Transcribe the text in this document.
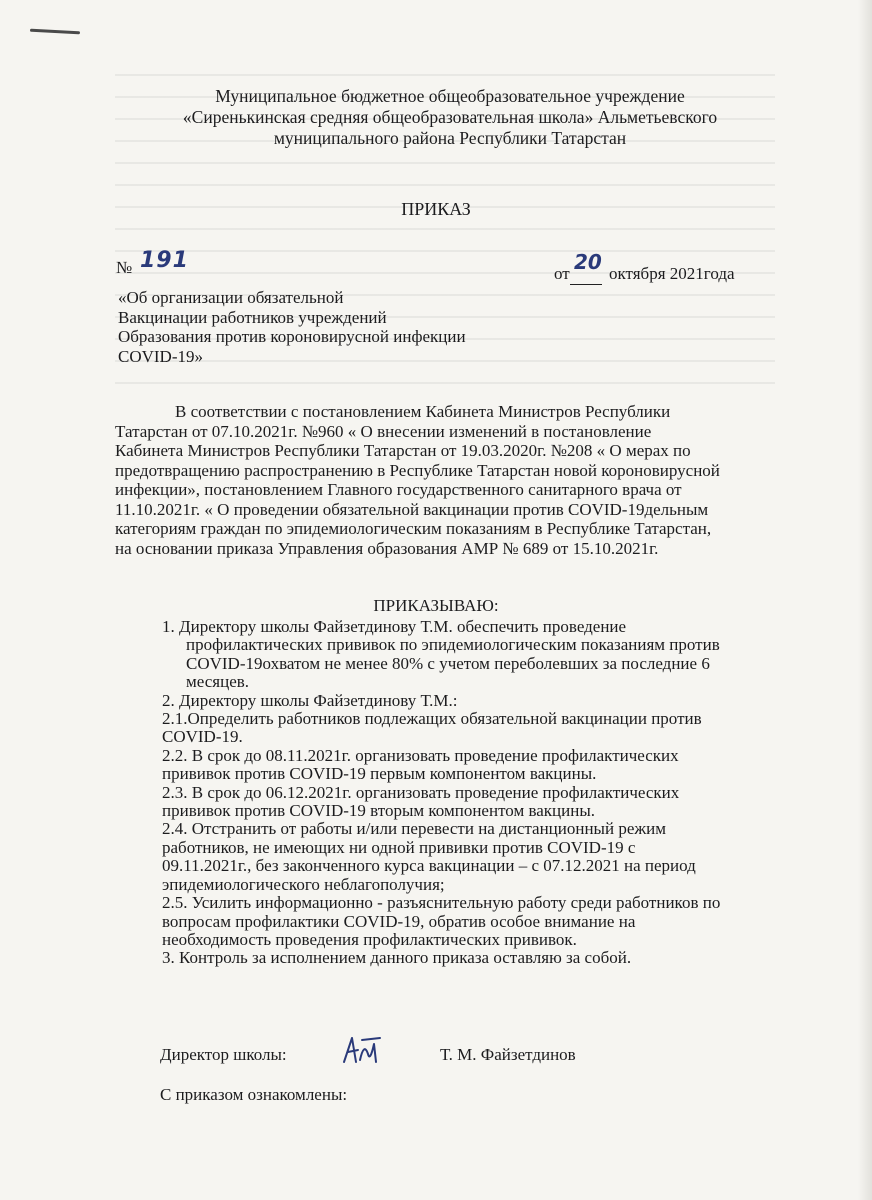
Муниципальное бюджетное общеобразовательное учреждение
«Сиренькинская средняя общеобразовательная школа» Альметьевского
муниципального района Республики Татарстан
ПРИКАЗ
№ 191
от 20 октября 2021года
«Об организации обязательной
Вакцинации работников учреждений
Образования против короновирусной инфекции
COVID-19»
В соответствии с постановлением Кабинета Министров Республики
Татарстан от 07.10.2021г. №960 « О внесении изменений в постановление
Кабинета Министров Республики Татарстан от 19.03.2020г. №208 « О мерах по
предотвращению распространению в Республике Татарстан новой короновирусной
инфекции», постановлением Главного государственного санитарного врача от
11.10.2021г. « О проведении обязательной вакцинации против COVID-19дельным
категориям граждан по эпидемиологическим показаниям в Республике Татарстан,
на основании приказа Управления образования АМР № 689 от 15.10.2021г.
ПРИКАЗЫВАЮ:
1. Директору школы Файзетдинову Т.М. обеспечить проведение
профилактических прививок по эпидемиологическим показаниям против
COVID-19охватом не менее 80% с учетом переболевших за последние 6
месяцев.
2. Директору школы Файзетдинову Т.М.:
2.1.Определить работников подлежащих обязательной вакцинации против
COVID-19.
2.2. В срок до 08.11.2021г. организовать проведение профилактических
прививок против COVID-19 первым компонентом вакцины.
2.3. В срок до 06.12.2021г. организовать проведение профилактических
прививок против COVID-19 вторым компонентом вакцины.
2.4. Отстранить от работы и/или перевести на дистанционный режим
работников, не имеющих ни одной прививки против COVID-19 с
09.11.2021г., без законченного курса вакцинации – с 07.12.2021 на период
эпидемиологического неблагополучия;
2.5. Усилить информационно - разъяснительную работу среди работников по
вопросам профилактики COVID-19, обратив особое внимание на
необходимость проведения профилактических прививок.
3. Контроль за исполнением данного приказа оставляю за собой.
Директор школы:	Т. М. Файзетдинов
С приказом ознакомлены:
